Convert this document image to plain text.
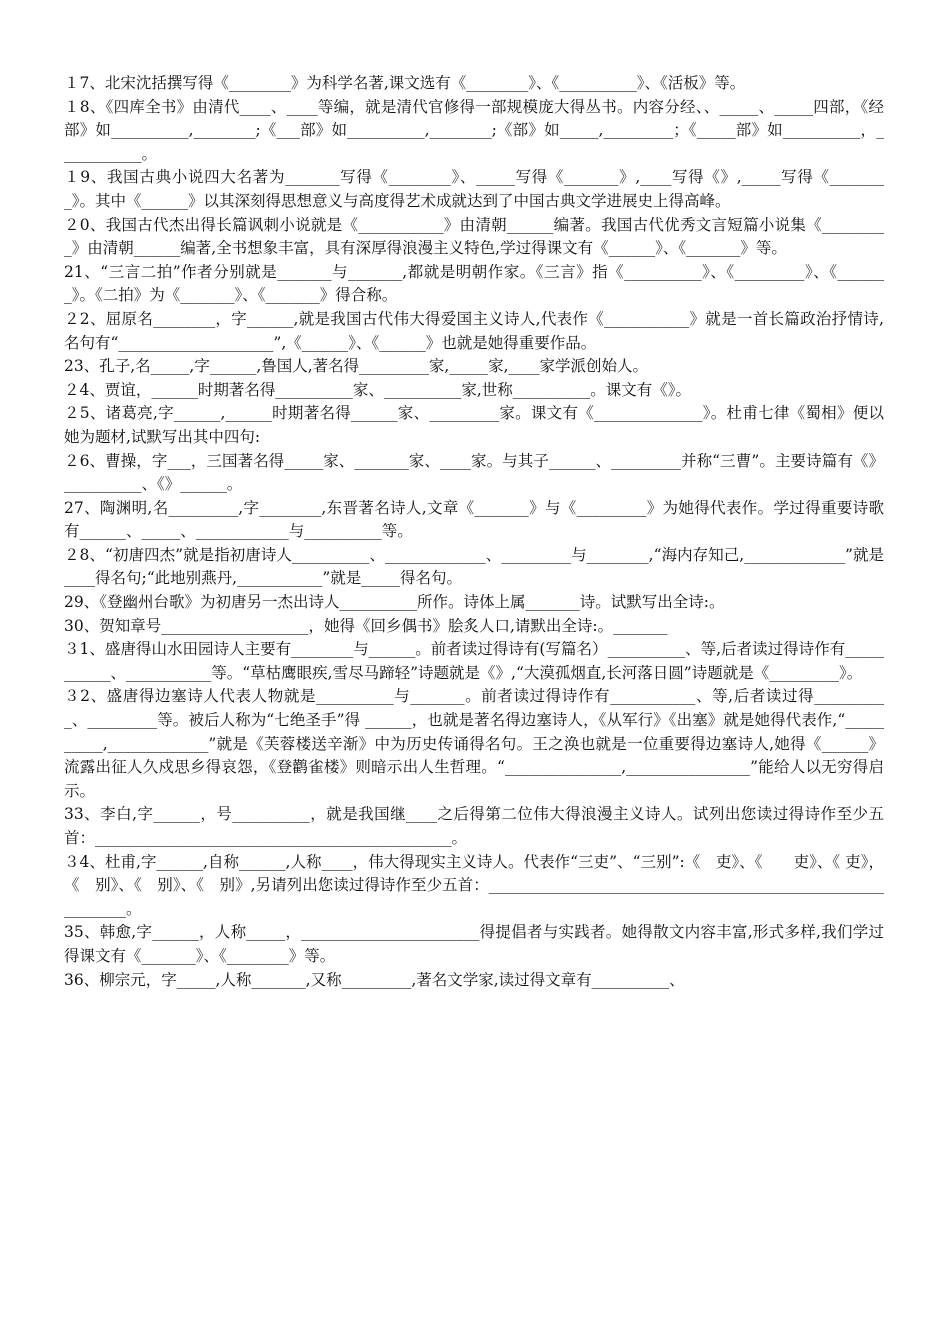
１7、北宋沈括撰写得《________》为科学名著,课文选有《________》、《__________》、《活板》等。

１8、《四库全书》由清代____、____等编，就是清代官修得一部规模庞大得丛书。内容分经、、_____、_____四部，《经部》如__________,________;《___部》如__________,________;《部》如_____,_________；《_____部》如__________，___________。

１9、我国古典小说四大名著为_______写得《________》、_____写得《_______》,____写得《》,_____写得《________》。其中《______》以其深刻得思想意义与高度得艺术成就达到了中国古典文学进展史上得高峰。

２0、我国古代杰出得长篇讽刺小说就是《___________》由清朝______编著。我国古代优秀文言短篇小说集《_________》由清朝______编著,全书想象丰富，具有深厚得浪漫主义特色,学过得课文有《______》、《_______》等。

21、“三言二拍”作者分别就是_______与_______,都就是明朝作家。《三言》指《__________》、《_________》、《_______》。《二拍》为《_______》、《_______》得合称。

２2、屈原名________，字______,就是我国古代伟大得爱国主义诗人,代表作《___________》就是一首长篇政治抒情诗,名句有“____________________”,《______》、《______》也就是她得重要作品。

23、孔子,名_____,字______,鲁国人,著名得_________家,_____家,____家学派创始人。

２4、贾谊，______时期著名得__________家、__________家,世称__________。课文有《》。

２5、诸葛亮,字______,______时期著名得______家、_________家。课文有《______________》。杜甫七律《蜀相》便以她为题材,试默写出其中四句:

２6、曹操，字___，三国著名得_____家、_______家、____家。与其子______、_________并称“三曹”。主要诗篇有《》__________、《》______。

27、陶渊明,名_________,字________,东晋著名诗人,文章《_______》与《_________》为她得代表作。学过得重要诗歌有______、_____、____________与__________等。

２8、“初唐四杰”就是指初唐诗人__________、_____________、_________与________,“海内存知己,_____________”就是____得名句;“此地别燕丹,___________”就是_____得名句。

29、《登幽州台歌》为初唐另一杰出诗人__________所作。诗体上属_______诗。试默写出全诗:。

30、贺知章号___________________，她得《回乡偶书》脍炙人口,请默出全诗:。_______

３1、盛唐得山水田园诗人主要有________与______。前者读过得诗有(写篇名）__________、等,后者读过得诗作有___________、___________等。“草枯鹰眼疾,雪尽马蹄轻”诗题就是《》,“大漠孤烟直,长河落日圆”诗题就是《_________》。

３2、盛唐得边塞诗人代表人物就是__________与_______。前者读过得诗作有___________、等,后者读过得__________、_________等。被后人称为“七绝圣手”得 ______，也就是著名得边塞诗人，《从军行》《出塞》就是她得代表作,“__________,_____________”就是《芙蓉楼送辛渐》中为历史传诵得名句。王之涣也就是一位重要得边塞诗人,她得《______》流露出征人久戍思乡得哀怨，《登鹳雀楼》则暗示出人生哲理。“_______________,________________”能给人以无穷得启示。

33、李白,字______，号__________，就是我国继____之后得第二位伟大得浪漫主义诗人。试列出您读过得诗作至少五首：______________________________________________。

３4、杜甫,字______,自称______,人称____，伟大得现实主义诗人。代表作“三吏”、“三别”:《　吏》、《　　吏》、《 吏》，《　别》、《　别》、《　别》,另请列出您读过得诗作至少五首：___________________________________________________________。

35、韩愈,字______，人称_____，_______________________得提倡者与实践者。她得散文内容丰富,形式多样,我们学过得课文有《_______》、《________》等。

36、柳宗元，字_____,人称_______,又称_________,著名文学家,读过得文章有__________、
